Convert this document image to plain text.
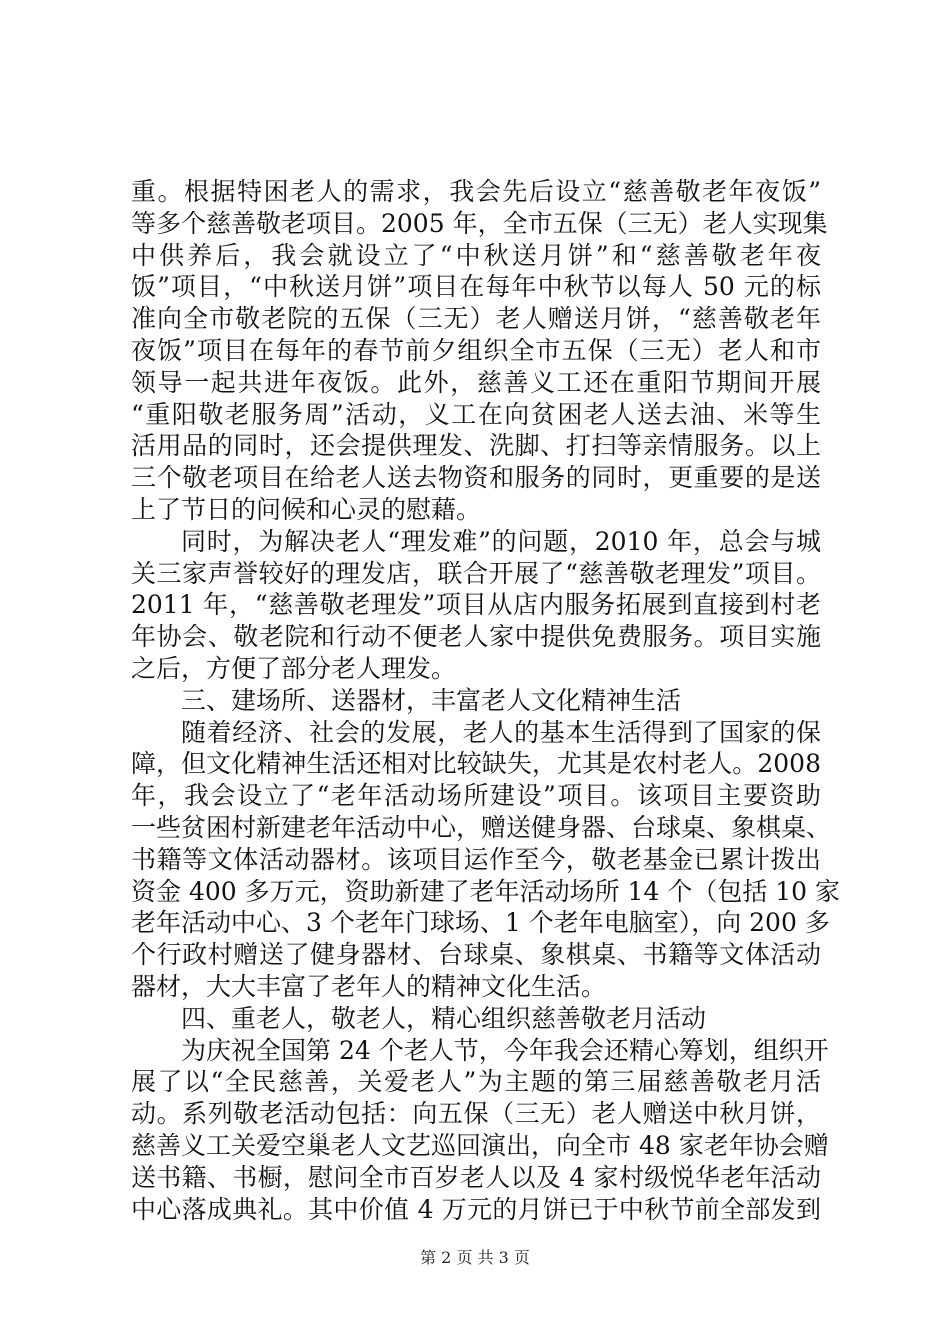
重。根据特困老人的需求，我会先后设立“慈善敬老年夜饭”
等多个慈善敬老项目。2005 年，全市五保（三无）老人实现集
中供养后，我会就设立了“中秋送月饼”和“慈善敬老年夜
饭”项目，“中秋送月饼”项目在每年中秋节以每人 50 元的标
准向全市敬老院的五保（三无）老人赠送月饼，“慈善敬老年
夜饭”项目在每年的春节前夕组织全市五保（三无）老人和市
领导一起共进年夜饭。此外，慈善义工还在重阳节期间开展
“重阳敬老服务周”活动，义工在向贫困老人送去油、米等生
活用品的同时，还会提供理发、洗脚、打扫等亲情服务。以上
三个敬老项目在给老人送去物资和服务的同时，更重要的是送
上了节日的问候和心灵的慰藉。
同时，为解决老人“理发难”的问题，2010 年，总会与城
关三家声誉较好的理发店，联合开展了“慈善敬老理发”项目。
2011 年，“慈善敬老理发”项目从店内服务拓展到直接到村老
年协会、敬老院和行动不便老人家中提供免费服务。项目实施
之后，方便了部分老人理发。
三、建场所、送器材，丰富老人文化精神生活
随着经济、社会的发展，老人的基本生活得到了国家的保
障，但文化精神生活还相对比较缺失，尤其是农村老人。2008
年，我会设立了“老年活动场所建设”项目。该项目主要资助
一些贫困村新建老年活动中心，赠送健身器、台球桌、象棋桌、
书籍等文体活动器材。该项目运作至今，敬老基金已累计拨出
资金 400 多万元，资助新建了老年活动场所 14 个（包括 10 家
老年活动中心、3 个老年门球场、1 个老年电脑室），向 200 多
个行政村赠送了健身器材、台球桌、象棋桌、书籍等文体活动
器材，大大丰富了老年人的精神文化生活。
四、重老人，敬老人，精心组织慈善敬老月活动
为庆祝全国第 24 个老人节，今年我会还精心筹划，组织开
展了以“全民慈善，关爱老人”为主题的第三届慈善敬老月活
动。系列敬老活动包括：向五保（三无）老人赠送中秋月饼，
慈善义工关爱空巢老人文艺巡回演出，向全市 48 家老年协会赠
送书籍、书橱，慰问全市百岁老人以及 4 家村级悦华老年活动
中心落成典礼。其中价值 4 万元的月饼已于中秋节前全部发到
第 2 页 共 3 页
